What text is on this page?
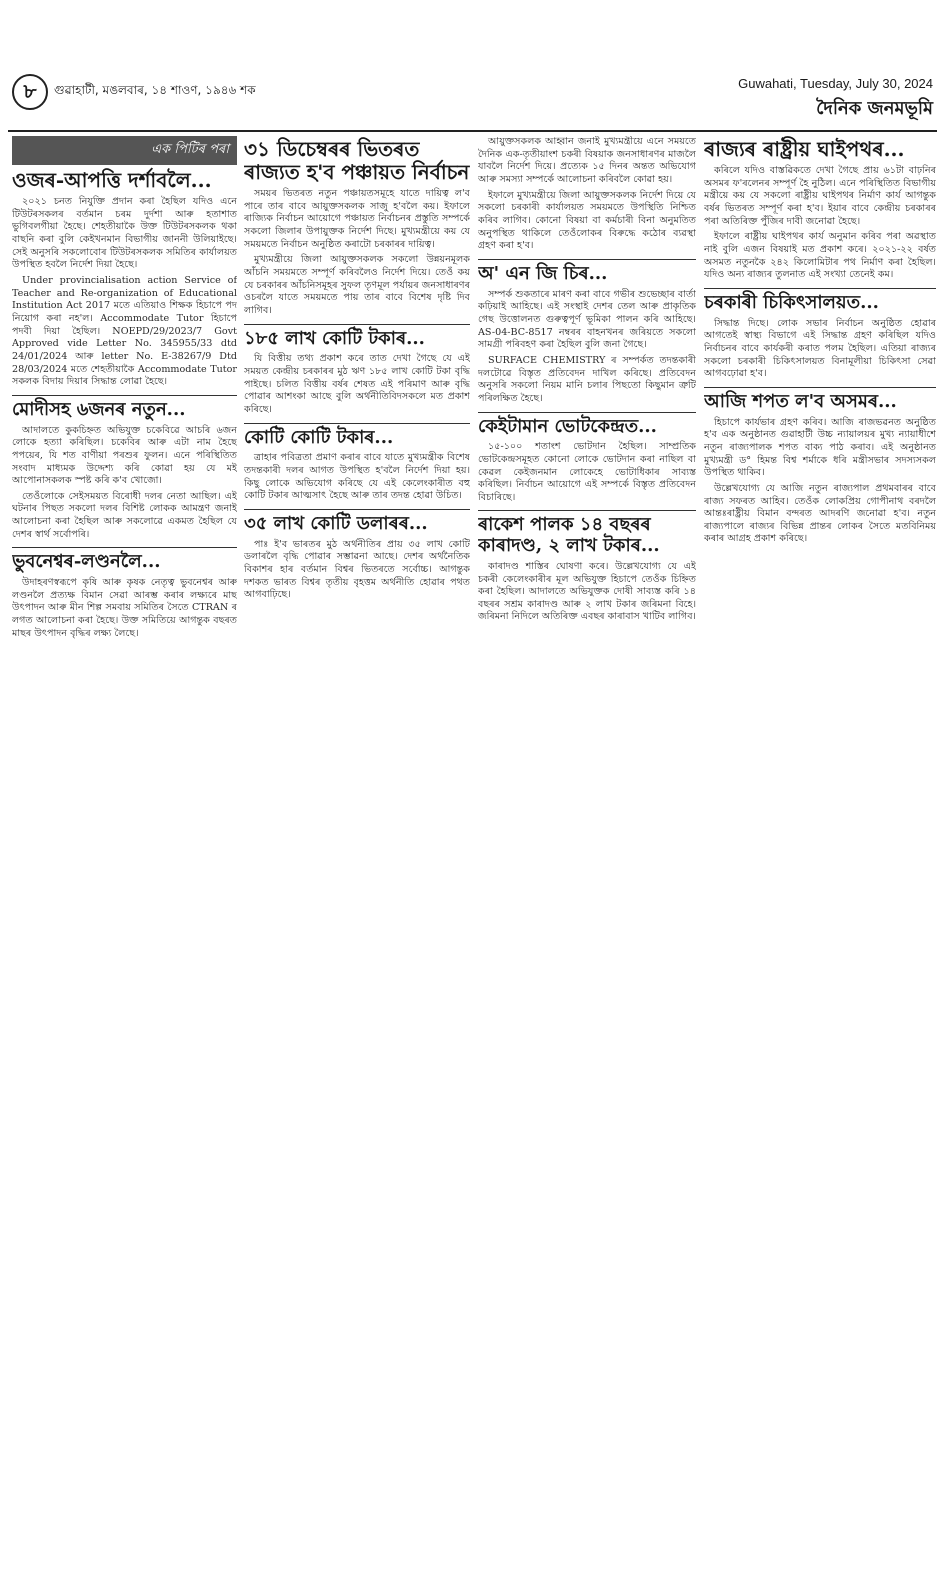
৮	গুৱাহাটী, মঙলবাৰ, ১৪ শাওণ, ১৯৪৬ শক	Guwahati, Tuesday, July 30, 2024
দৈনিক জনমভূমি
এক পিটিৰ পৰা
ওজৰ-আপত্তি দৰ্শাবলৈ...

২০২১ চনত নিযুক্তি প্ৰদান কৰা হৈছিল যদিও এনে টিউটৰসকলৰ বৰ্তমান চৰম দুৰ্দশা আৰু হতাশাত ভুগিবলগীয়া হৈছে। শেহতীয়াকৈ উক্ত টিউটৰসকলক থকা বাছনি কৰা বুলি কেইখনমান বিভাগীয় জাননী উলিয়াইছে। সেই অনুসৰি সকলোবোৰ টিউটৰসকলক সমিতিৰ কাৰ্যালয়ত উপস্থিত হবলৈ নিৰ্দেশ দিয়া হৈছে।

Under provincialisation action Service of Teacher and Re-organization of Educational Institution Act 2017 মতে এতিয়াও শিক্ষক হিচাপে পদ নিয়োগ কৰা নহ'ল। Accommodate Tutor হিচাপে পদবী দিয়া হৈছিল। NOEPD/29/2023/7 Govt Approved vide Letter No. 345955/33 dtd 24/01/2024 আৰু letter No. E-38267/9 Dtd 28/03/2024 মতে শেহতীয়াকৈ Accommodate Tutor সকলক বিদায় দিয়াৰ সিদ্ধান্ত লোৱা হৈছে।

মোদীসহ ৬জনৰ নতুন...

আদালতে কুকচিহ্নত অভিযুক্ত চকেবিৱে আচৰি ৬জন লোকে হত্যা কৰিছিল। চকেবিৰ আৰু এটা নাম হৈছে পপয়েৰ, যি শত বাণীয়া পৰশুৰ ফুলন। এনে পৰিস্থিতিত সংবাদ মাধ্যমক উদ্দেশ্য কৰি কোৱা হয় যে মই আপোনাসকলক স্পষ্ট কৰি ক'ব খোজো।

তেওঁলোকে সেইসময়ত বিৰোধী দলৰ নেতা আছিল। এই ঘটনাৰ পিছত সকলো দলৰ বিশিষ্ট লোকক আমন্ত্ৰণ জনাই আলোচনা কৰা হৈছিল আৰু সকলোৱে একমত হৈছিল যে দেশৰ স্বাৰ্থ সৰ্বোপৰি।

ভুবনেশ্বৰ-লণ্ডনলৈ...

উদাহৰণস্বৰূপে কৃষি আৰু কৃষক নেতৃত্ব ভুবনেশ্বৰ আৰু লণ্ডনলৈ প্ৰত্যক্ষ বিমান সেৱা আৰম্ভ কৰাৰ লক্ষ্যৰে মাছ উৎপাদন আৰু মীন শিল্প সমবায় সমিতিৰ সৈতে CTRAN ৰ লগত আলোচনা কৰা হৈছে। উক্ত সমিতিয়ে আগন্তুক বছৰত মাছৰ উৎপাদন বৃদ্ধিৰ লক্ষ্য লৈছে।

৩১ ডিচেম্বৰৰ ভিতৰত ৰাজ্যত হ'ব পঞ্চায়ত নিৰ্বাচন

সময়ৰ ভিতৰত নতুন পঞ্চায়তসমূহে যাতে দায়িত্ব ল'ব পাৰে তাৰ বাবে আয়ুক্তসকলক সাজু হ'বলৈ কয়। ইফালে ৰাজ্যিক নিৰ্বাচন আয়োগে পঞ্চায়ত নিৰ্বাচনৰ প্ৰস্তুতি সম্পৰ্কে সকলো জিলাৰ উপায়ুক্তক নিৰ্দেশ দিছে। মুখ্যমন্ত্ৰীয়ে কয় যে সময়মতে নিৰ্বাচন অনুষ্ঠিত কৰাটো চৰকাৰৰ দায়িত্ব।

মুখ্যমন্ত্ৰীয়ে জিলা আয়ুক্তসকলক সকলো উন্নয়নমূলক আঁচনি সময়মতে সম্পূৰ্ণ কৰিবলৈও নিৰ্দেশ দিয়ে। তেওঁ কয় যে চৰকাৰৰ আঁচনিসমূহৰ সুফল তৃণমূল পৰ্যায়ৰ জনসাধাৰণৰ ওচৰলৈ যাতে সময়মতে পায় তাৰ বাবে বিশেষ দৃষ্টি দিব লাগিব।

১৮৫ লাখ কোটি টকাৰ...

যি বিত্তীয় তথ্য প্ৰকাশ কৰে তাত দেখা গৈছে যে এই সময়ত কেন্দ্ৰীয় চৰকাৰৰ মুঠ ঋণ ১৮৫ লাখ কোটি টকা বৃদ্ধি পাইছে। চলিত বিত্তীয় বৰ্ষৰ শেষত এই পৰিমাণ আৰু বৃদ্ধি পোৱাৰ আশংকা আছে বুলি অৰ্থনীতিবিদসকলে মত প্ৰকাশ কৰিছে।

কোটি কোটি টকাৰ...

ত্ৰাহাৰ পবিত্ৰতা প্ৰমাণ কৰাৰ বাবে যাতে মুখ্যমন্ত্ৰীক বিশেষ তদন্তকাৰী দলৰ আগত উপস্থিত হ'বলৈ নিৰ্দেশ দিয়া হয়। কিছু লোকে অভিযোগ কৰিছে যে এই কেলেংকাৰীত বহু কোটি টকাৰ আত্মসাৎ হৈছে আৰু তাৰ তদন্ত হোৱা উচিত।

৩৫ লাখ কোটি ডলাৰৰ...

পাঃ ই'ব ভাৰতৰ মুঠ অৰ্থনীতিৰ প্ৰায় ৩৫ লাখ কোটি ডলাৰলৈ বৃদ্ধি পোৱাৰ সম্ভাৱনা আছে। দেশৰ অৰ্থনৈতিক বিকাশৰ হাৰ বৰ্তমান বিশ্বৰ ভিতৰতে সৰ্বোচ্চ। আগন্তুক দশকত ভাৰত বিশ্বৰ তৃতীয় বৃহত্তম অৰ্থনীতি হোৱাৰ পথত আগবাঢ়িছে।

আয়ুক্তসকলক আহ্বান জনাই মুখ্যমন্ত্ৰীয়ে এনে সময়তে দৈনিক এক-তৃতীয়াংশ চকৰী বিষয়াক জনসাধাৰণৰ মাজলৈ যাবলৈ নিৰ্দেশ দিয়ে। প্ৰত্যেক ১৫ দিনৰ অন্তত অভিযোগ আৰু সমস্যা সম্পৰ্কে আলোচনা কৰিবলৈ কোৱা হয়।

ইফালে মুখ্যমন্ত্ৰীয়ে জিলা আয়ুক্তসকলক নিৰ্দেশ দিয়ে যে সকলো চৰকাৰী কাৰ্যালয়ত সময়মতে উপস্থিতি নিশ্চিত কৰিব লাগিব। কোনো বিষয়া বা কৰ্মচাৰী বিনা অনুমতিত অনুপস্থিত থাকিলে তেওঁলোকৰ বিৰুদ্ধে কঠোৰ ব্যৱস্থা গ্ৰহণ কৰা হ'ব।

অ' এন জি চিৰ...

সম্পৰ্ক শুকতাৰে মাৰণ কৰা বাবে গভীৰ শুভেচ্ছাৰ বাৰ্তা কঢ়িয়াই আহিছে। এই সংস্থাই দেশৰ তেল আৰু প্ৰাকৃতিক গেছ উত্তোলনত গুৰুত্বপূৰ্ণ ভূমিকা পালন কৰি আহিছে। AS-04-BC-8517 নম্বৰৰ বাহনখনৰ জৰিয়তে সকলো সামগ্ৰী পৰিবহণ কৰা হৈছিল বুলি জনা গৈছে।

SURFACE CHEMISTRY ৰ সম্পৰ্কত তদন্তকাৰী দলটোৱে বিস্তৃত প্ৰতিবেদন দাখিল কৰিছে। প্ৰতিবেদন অনুসৰি সকলো নিয়ম মানি চলাৰ পিছতো কিছুমান ত্ৰুটি পৰিলক্ষিত হৈছে।

কেইটামান ভোটকেন্দ্ৰত...

১৫-১০০ শতাংশ ভোটদান হৈছিল। সাম্প্ৰতিক ভোটকেন্দ্ৰসমূহত কোনো লোকে ভোটদান কৰা নাছিল বা কেৱল কেইজনমান লোকেহে ভোটাধিকাৰ সাব্যস্ত কৰিছিল। নিৰ্বাচন আয়োগে এই সম্পৰ্কে বিস্তৃত প্ৰতিবেদন বিচাৰিছে।

ৰাকেশ পালক ১৪ বছৰৰ কাৰাদণ্ড, ২ লাখ টকাৰ...

কাৰাদণ্ড শাস্তিৰ ঘোষণা কৰে। উল্লেখযোগ্য যে এই চকৰী কেলেংকাৰীৰ মূল অভিযুক্ত হিচাপে তেওঁক চিহ্নিত কৰা হৈছিল। আদালতে অভিযুক্তক দোষী সাব্যস্ত কৰি ১৪ বছৰৰ সশ্ৰম কাৰাদণ্ড আৰু ২ লাখ টকাৰ জৰিমনা বিহে। জৰিমনা নিদিলে অতিৰিক্ত এবছৰ কাৰাবাস খাটিব লাগিব।

ৰাজ্যৰ ৰাষ্ট্ৰীয় ঘাইপথৰ...

কৰিলে যদিও বাস্তৱিকতে দেখা গৈছে প্ৰায় ৬১টা বাঢ়নিৰ অসমৰ ফ'ৰলেনৰ সম্পূৰ্ণ হৈ নুঠিল। এনে পৰিস্থিতিত বিভাগীয় মন্ত্ৰীয়ে কয় যে সকলো ৰাষ্ট্ৰীয় ঘাইপথৰ নিৰ্মাণ কাৰ্য আগন্তুক বৰ্ষৰ ভিতৰত সম্পূৰ্ণ কৰা হ'ব। ইয়াৰ বাবে কেন্দ্ৰীয় চৰকাৰৰ পৰা অতিৰিক্ত পুঁজিৰ দাবী জনোৱা হৈছে।

ইফালে ৰাষ্ট্ৰীয় ঘাইপথৰ কাৰ্য অনুমান কৰিব পৰা অৱস্থাত নাই বুলি এজন বিষয়াই মত প্ৰকাশ কৰে। ২০২১-২২ বৰ্ষত অসমত নতুনকৈ ২৪২ কিলোমিটাৰ পথ নিৰ্মাণ কৰা হৈছিল। যদিও অন্য ৰাজ্যৰ তুলনাত এই সংখ্যা তেনেই কম।

চৰকাৰী চিকিৎসালয়ত...

সিদ্ধান্ত দিছে। লোক সভাৰ নিৰ্বাচন অনুষ্ঠিত হোৱাৰ আগতেই স্বাস্থ্য বিভাগে এই সিদ্ধান্ত গ্ৰহণ কৰিছিল যদিও নিৰ্বাচনৰ বাবে কাৰ্যকৰী কৰাত পলম হৈছিল। এতিয়া ৰাজ্যৰ সকলো চৰকাৰী চিকিৎসালয়ত বিনামূলীয়া চিকিৎসা সেৱা আগবঢ়োৱা হ'ব।

আজি শপত ল'ব অসমৰ...

হিচাপে কাৰ্যভাৰ গ্ৰহণ কৰিব। আজি ৰাজভৱনত অনুষ্ঠিত হ'ব এক অনুষ্ঠানত গুৱাহাটী উচ্চ ন্যায়ালয়ৰ মুখ্য ন্যায়াধীশে নতুন ৰাজ্যপালক শপত বাক্য পাঠ কৰাব। এই অনুষ্ঠানত মুখ্যমন্ত্ৰী ড° হিমন্ত বিশ্ব শৰ্মাকে ধৰি মন্ত্ৰীসভাৰ সদস্যসকল উপস্থিত থাকিব।

উল্লেখযোগ্য যে আজি নতুন ৰাজ্যপাল প্ৰথমবাৰৰ বাবে ৰাজ্য সফৰত আহিব। তেওঁক লোকপ্ৰিয় গোপীনাথ বৰদলৈ আন্তঃৰাষ্ট্ৰীয় বিমান বন্দৰত আদৰণি জনোৱা হ'ব। নতুন ৰাজ্যপালে ৰাজ্যৰ বিভিন্ন প্ৰান্তৰ লোকৰ সৈতে মতবিনিময় কৰাৰ আগ্ৰহ প্ৰকাশ কৰিছে।
